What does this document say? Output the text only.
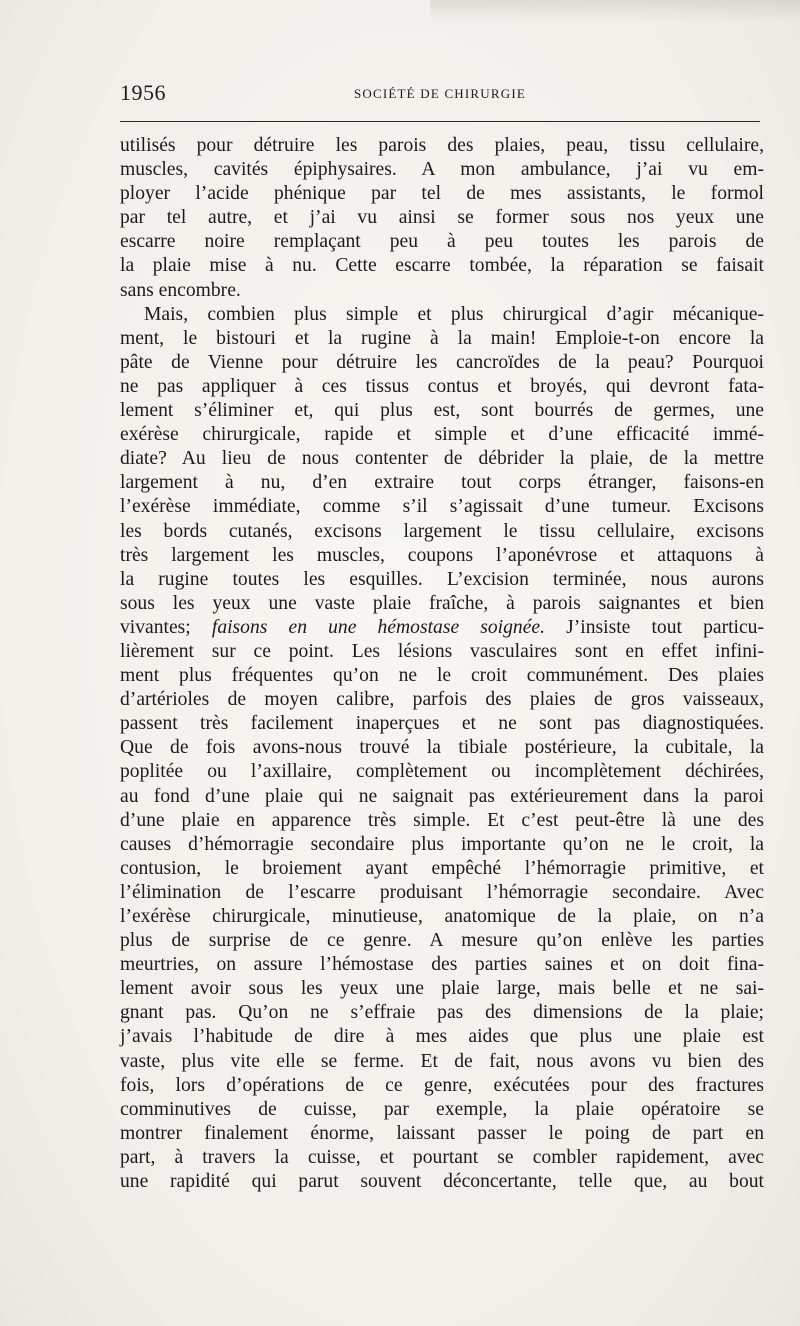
1956	SOCIÉTÉ DE CHIRURGIE
utilisés pour détruire les parois des plaies, peau, tissu cellulaire,
muscles, cavités épiphysaires. A mon ambulance, j’ai vu em-
ployer l’acide phénique par tel de mes assistants, le formol
par tel autre, et j’ai vu ainsi se former sous nos yeux une
escarre noire remplaçant peu à peu toutes les parois de
la plaie mise à nu. Cette escarre tombée, la réparation se faisait
sans encombre.
Mais, combien plus simple et plus chirurgical d’agir mécanique-
ment, le bistouri et la rugine à la main! Emploie-t-on encore la
pâte de Vienne pour détruire les cancroïdes de la peau? Pourquoi
ne pas appliquer à ces tissus contus et broyés, qui devront fata-
lement s’éliminer et, qui plus est, sont bourrés de germes, une
exérèse chirurgicale, rapide et simple et d’une efficacité immé-
diate? Au lieu de nous contenter de débrider la plaie, de la mettre
largement à nu, d’en extraire tout corps étranger, faisons-en
l’exérèse immédiate, comme s’il s’agissait d’une tumeur. Excisons
les bords cutanés, excisons largement le tissu cellulaire, excisons
très largement les muscles, coupons l’aponévrose et attaquons à
la rugine toutes les esquilles. L’excision terminée, nous aurons
sous les yeux une vaste plaie fraîche, à parois saignantes et bien
vivantes; faisons en une hémostase soignée. J’insiste tout particu-
lièrement sur ce point. Les lésions vasculaires sont en effet infini-
ment plus fréquentes qu’on ne le croit communément. Des plaies
d’artérioles de moyen calibre, parfois des plaies de gros vaisseaux,
passent très facilement inaperçues et ne sont pas diagnostiquées.
Que de fois avons-nous trouvé la tibiale postérieure, la cubitale, la
poplitée ou l’axillaire, complètement ou incomplètement déchirées,
au fond d’une plaie qui ne saignait pas extérieurement dans la paroi
d’une plaie en apparence très simple. Et c’est peut-être là une des
causes d’hémorragie secondaire plus importante qu’on ne le croit, la
contusion, le broiement ayant empêché l’hémorragie primitive, et
l’élimination de l’escarre produisant l’hémorragie secondaire. Avec
l’exérèse chirurgicale, minutieuse, anatomique de la plaie, on n’a
plus de surprise de ce genre. A mesure qu’on enlève les parties
meurtries, on assure l’hémostase des parties saines et on doit fina-
lement avoir sous les yeux une plaie large, mais belle et ne sai-
gnant pas. Qu’on ne s’effraie pas des dimensions de la plaie;
j’avais l’habitude de dire à mes aides que plus une plaie est
vaste, plus vite elle se ferme. Et de fait, nous avons vu bien des
fois, lors d’opérations de ce genre, exécutées pour des fractures
comminutives de cuisse, par exemple, la plaie opératoire se
montrer finalement énorme, laissant passer le poing de part en
part, à travers la cuisse, et pourtant se combler rapidement, avec
une rapidité qui parut souvent déconcertante, telle que, au bout
